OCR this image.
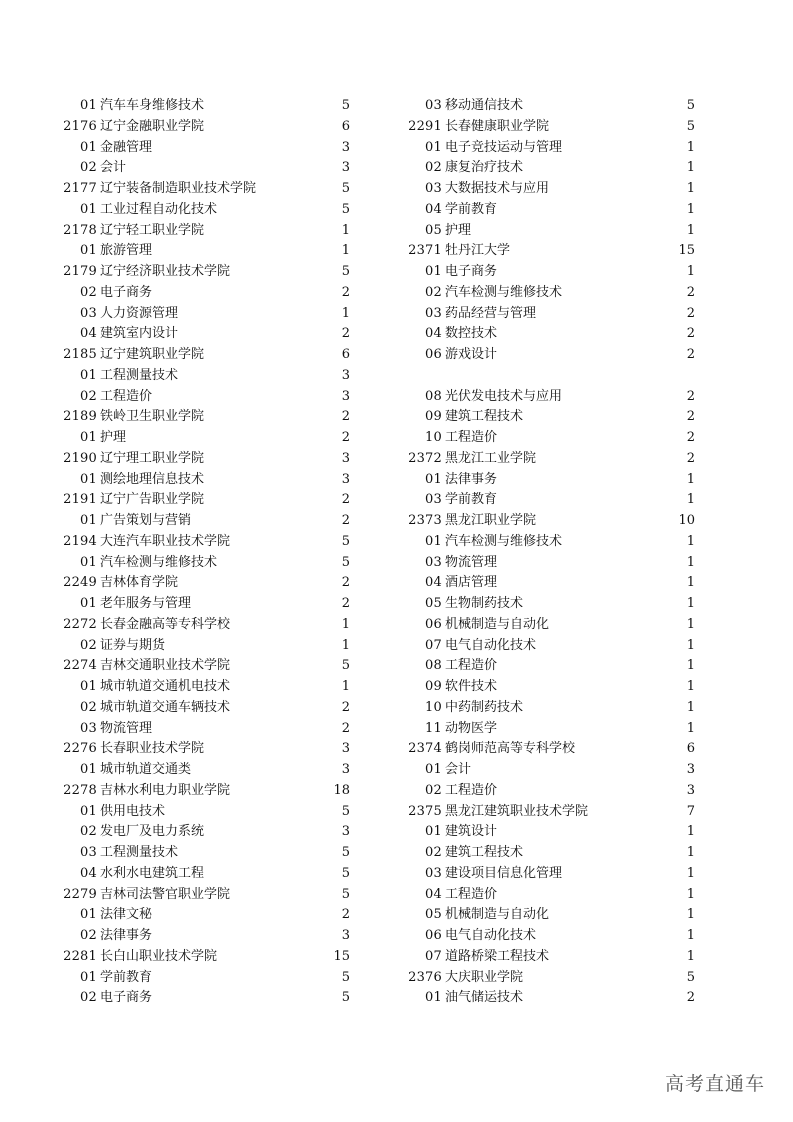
01 汽车车身维修技术	5
2176 辽宁金融职业学院	6
01 金融管理	3
02 会计	3
2177 辽宁装备制造职业技术学院	5
01 工业过程自动化技术	5
2178 辽宁轻工职业学院	1
01 旅游管理	1
2179 辽宁经济职业技术学院	5
02 电子商务	2
03 人力资源管理	1
04 建筑室内设计	2
2185 辽宁建筑职业学院	6
01 工程测量技术	3
02 工程造价	3
2189 铁岭卫生职业学院	2
01 护理	2
2190 辽宁理工职业学院	3
01 测绘地理信息技术	3
2191 辽宁广告职业学院	2
01 广告策划与营销	2
2194 大连汽车职业技术学院	5
01 汽车检测与维修技术	5
2249 吉林体育学院	2
01 老年服务与管理	2
2272 长春金融高等专科学校	1
02 证券与期货	1
2274 吉林交通职业技术学院	5
01 城市轨道交通机电技术	1
02 城市轨道交通车辆技术	2
03 物流管理	2
2276 长春职业技术学院	3
01 城市轨道交通类	3
2278 吉林水利电力职业学院	18
01 供用电技术	5
02 发电厂及电力系统	3
03 工程测量技术	5
04 水利水电建筑工程	5
2279 吉林司法警官职业学院	5
01 法律文秘	2
02 法律事务	3
2281 长白山职业技术学院	15
01 学前教育	5
02 电子商务	5
03 移动通信技术	5
2291 长春健康职业学院	5
01 电子竞技运动与管理	1
02 康复治疗技术	1
03 大数据技术与应用	1
04 学前教育	1
05 护理	1
2371 牡丹江大学	15
01 电子商务	1
02 汽车检测与维修技术	2
03 药品经营与管理	2
04 数控技术	2
06 游戏设计	2
08 光伏发电技术与应用	2
09 建筑工程技术	2
10 工程造价	2
2372 黑龙江工业学院	2
01 法律事务	1
03 学前教育	1
2373 黑龙江职业学院	10
01 汽车检测与维修技术	1
03 物流管理	1
04 酒店管理	1
05 生物制药技术	1
06 机械制造与自动化	1
07 电气自动化技术	1
08 工程造价	1
09 软件技术	1
10 中药制药技术	1
11 动物医学	1
2374 鹤岗师范高等专科学校	6
01 会计	3
02 工程造价	3
2375 黑龙江建筑职业技术学院	7
01 建筑设计	1
02 建筑工程技术	1
03 建设项目信息化管理	1
04 工程造价	1
05 机械制造与自动化	1
06 电气自动化技术	1
07 道路桥梁工程技术	1
2376 大庆职业学院	5
01 油气储运技术	2
高考直通车
